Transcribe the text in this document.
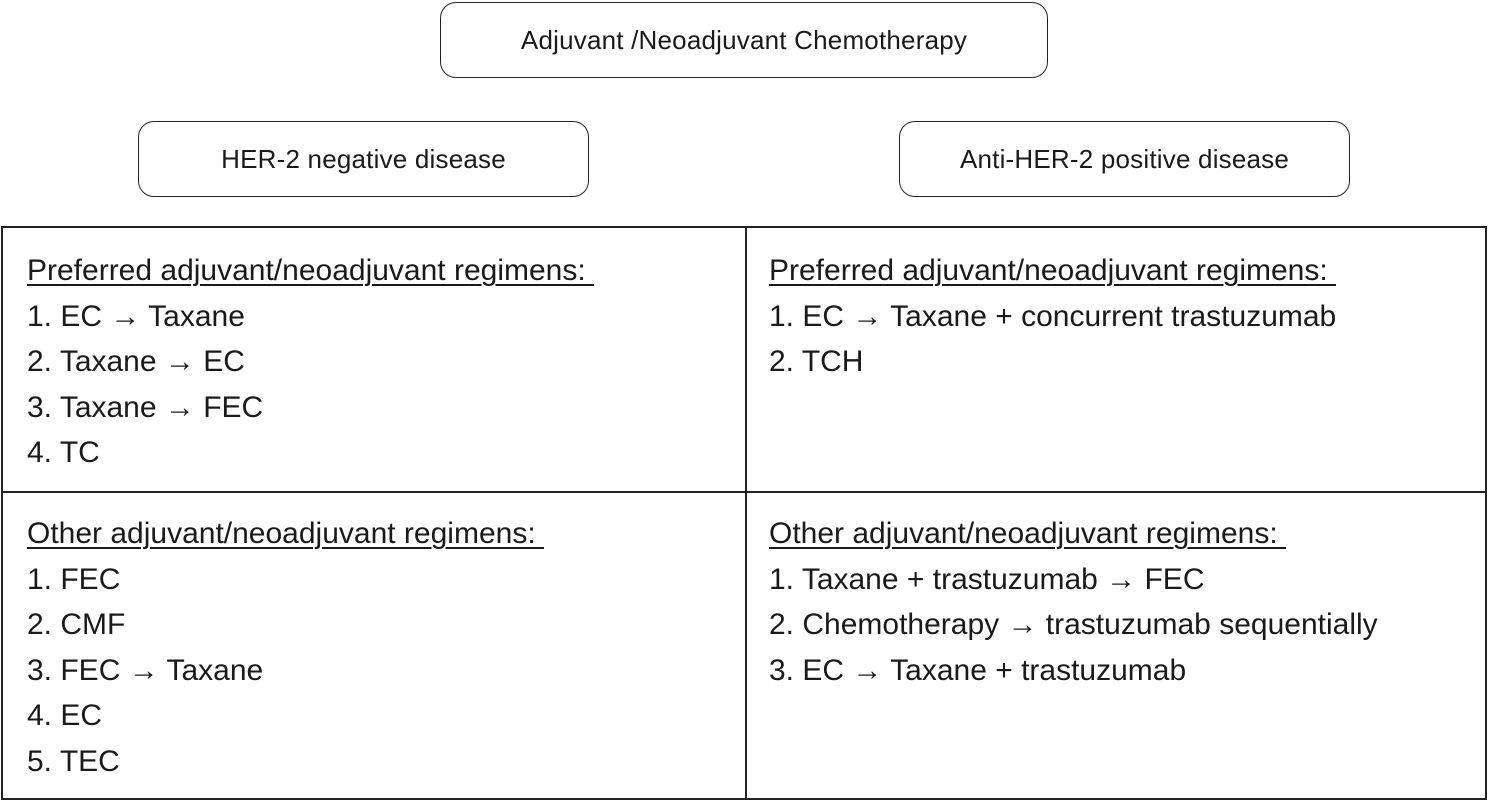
Adjuvant /Neoadjuvant Chemotherapy
HER-2 negative disease	Anti-HER-2 positive disease
Preferred adjuvant/neoadjuvant regimens:
1. EC → Taxane
2. Taxane → EC
3. Taxane → FEC
4. TC
Preferred adjuvant/neoadjuvant regimens:
1. EC → Taxane + concurrent trastuzumab
2. TCH
Other adjuvant/neoadjuvant regimens:
1. FEC
2. CMF
3. FEC → Taxane
4. EC
5. TEC
Other adjuvant/neoadjuvant regimens:
1. Taxane + trastuzumab → FEC
2. Chemotherapy → trastuzumab sequentially
3. EC → Taxane + trastuzumab
